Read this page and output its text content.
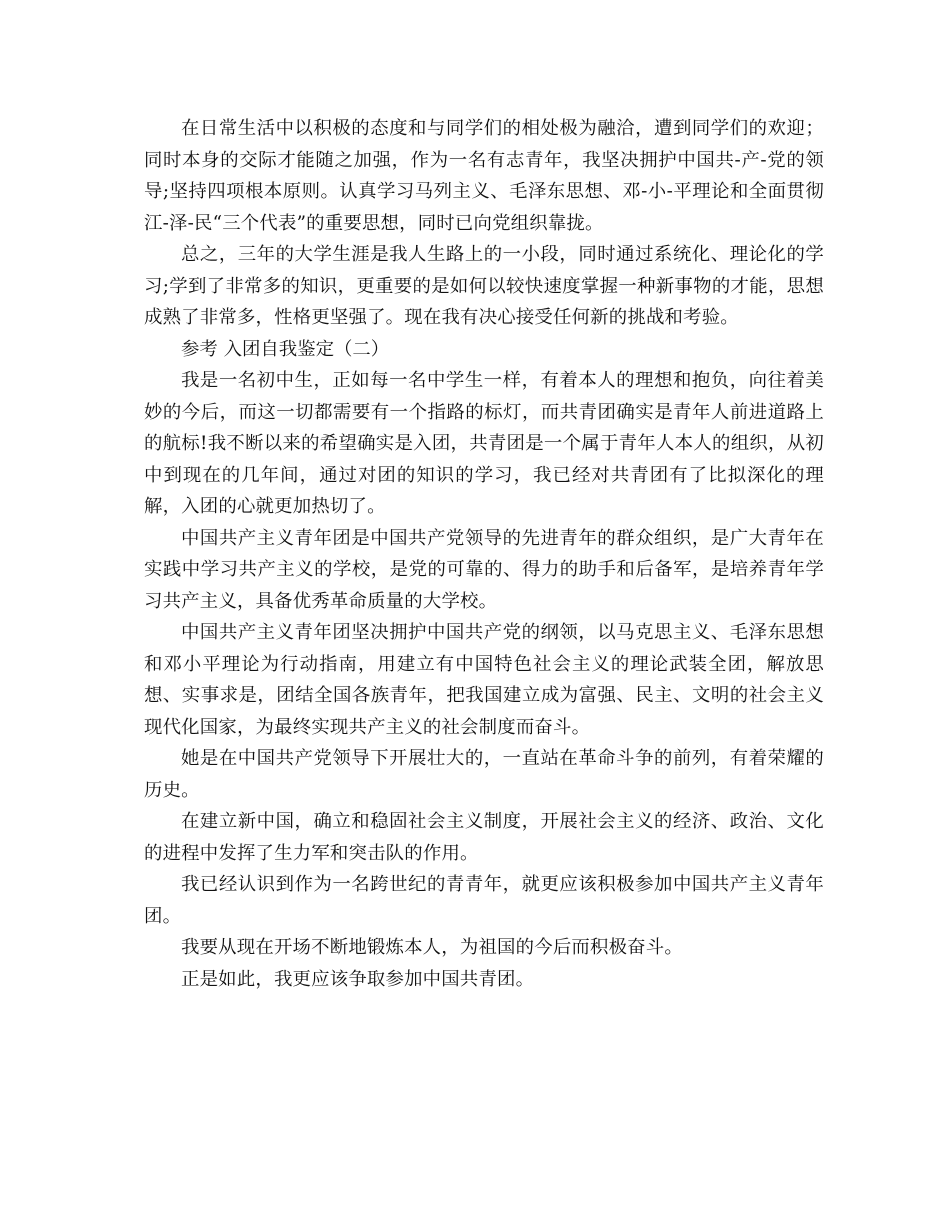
在日常生活中以积极的态度和与同学们的相处极为融洽，遭到同学们的欢迎；同时本身的交际才能随之加强，作为一名有志青年，我坚决拥护中国共-产-党的领导;坚持四项根本原则。认真学习马列主义、毛泽东思想、邓-小-平理论和全面贯彻江-泽-民“三个代表”的重要思想，同时已向党组织靠拢。

总之，三年的大学生涯是我人生路上的一小段，同时通过系统化、理论化的学习;学到了非常多的知识，更重要的是如何以较快速度掌握一种新事物的才能，思想成熟了非常多，性格更坚强了。现在我有决心接受任何新的挑战和考验。

参考 入团自我鉴定（二）

我是一名初中生，正如每一名中学生一样，有着本人的理想和抱负，向往着美妙的今后，而这一切都需要有一个指路的标灯，而共青团确实是青年人前进道路上的航标!我不断以来的希望确实是入团，共青团是一个属于青年人本人的组织，从初中到现在的几年间，通过对团的知识的学习，我已经对共青团有了比拟深化的理解，入团的心就更加热切了。

中国共产主义青年团是中国共产党领导的先进青年的群众组织，是广大青年在实践中学习共产主义的学校，是党的可靠的、得力的助手和后备军，是培养青年学习共产主义，具备优秀革命质量的大学校。

中国共产主义青年团坚决拥护中国共产党的纲领，以马克思主义、毛泽东思想和邓小平理论为行动指南，用建立有中国特色社会主义的理论武装全团，解放思想、实事求是，团结全国各族青年，把我国建立成为富强、民主、文明的社会主义现代化国家，为最终实现共产主义的社会制度而奋斗。

她是在中国共产党领导下开展壮大的，一直站在革命斗争的前列，有着荣耀的历史。

在建立新中国，确立和稳固社会主义制度，开展社会主义的经济、政治、文化的进程中发挥了生力军和突击队的作用。

我已经认识到作为一名跨世纪的青青年，就更应该积极参加中国共产主义青年团。

我要从现在开场不断地锻炼本人，为祖国的今后而积极奋斗。

正是如此，我更应该争取参加中国共青团。
